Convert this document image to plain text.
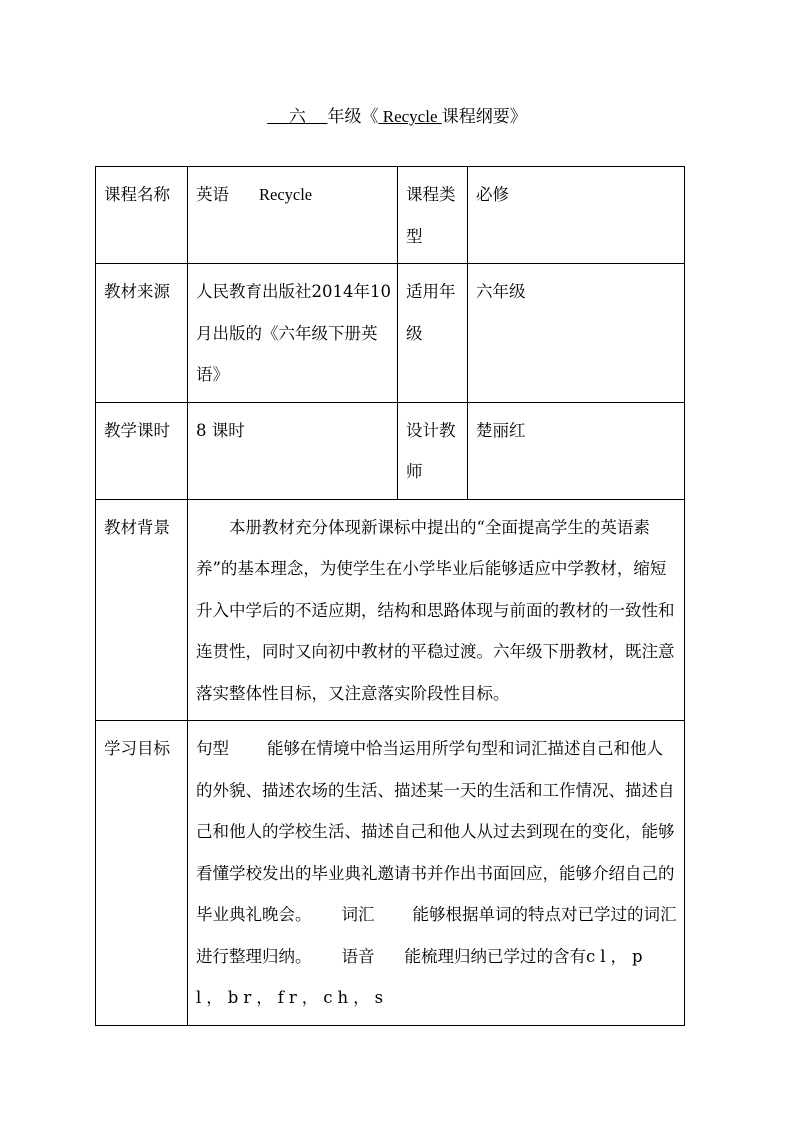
六 年级《 Recycle 课程纲要》
课程名称	英语 Recycle	课程类型	必修
教材来源	人民教育出版社2014年10 月出版的《六年级下册英语》	适用年级	六年级
教学课时	8 课时	设计教师	楚丽红
教材背景	本册教材充分体现新课标中提出的“全面提高学生的英语素养”的基本理念，为使学生在小学毕业后能够适应中学教材，缩短升入中学后的不适应期，结构和思路体现与前面的教材的一致性和连贯性，同时又向初中教材的平稳过渡。六年级下册教材，既注意落实整体性目标，又注意落实阶段性目标。		
学习目标	句型 能够在情境中恰当运用所学句型和词汇描述自己和他人的外貌、描述农场的生活、描述某一天的生活和工作情况、描述自己和他人的学校生活、描述自己和他人从过去到现在的变化，能够看懂学校发出的毕业典礼邀请书并作出书面回应，能够介绍自己的毕业典礼晚会。 词汇 能够根据单词的特点对已学过的词汇进行整理归纳。 语音 能梳理归纳已学过的含有cl，pl，br，fr，ch，s		
